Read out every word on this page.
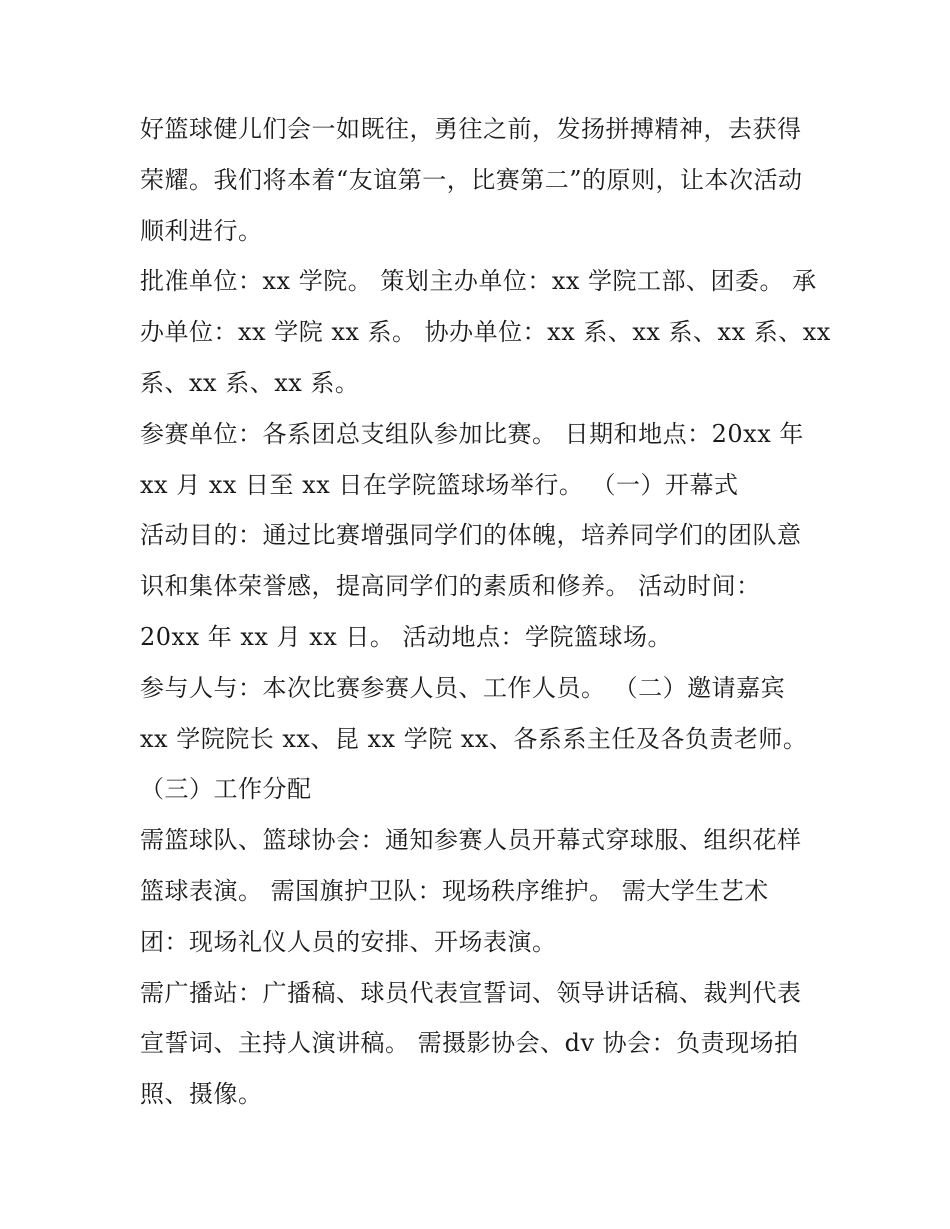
好篮球健儿们会一如既往，勇往之前，发扬拼搏精神，去获得
荣耀。我们将本着“友谊第一，比赛第二”的原则，让本次活动
顺利进行。
批准单位：xx 学院。 策划主办单位：xx 学院工部、团委。 承
办单位：xx 学院 xx 系。 协办单位：xx 系、xx 系、xx 系、xx
系、xx 系、xx 系。
参赛单位：各系团总支组队参加比赛。 日期和地点：20xx 年
xx 月 xx 日至 xx 日在学院篮球场举行。 （一）开幕式
活动目的：通过比赛增强同学们的体魄，培养同学们的团队意
识和集体荣誉感，提高同学们的素质和修养。 活动时间：
20xx 年 xx 月 xx 日。 活动地点：学院篮球场。
参与人与：本次比赛参赛人员、工作人员。 （二）邀请嘉宾
xx 学院院长 xx、昆 xx 学院 xx、各系系主任及各负责老师。
（三）工作分配
需篮球队、篮球协会：通知参赛人员开幕式穿球服、组织花样
篮球表演。 需国旗护卫队：现场秩序维护。 需大学生艺术
团：现场礼仪人员的安排、开场表演。
需广播站：广播稿、球员代表宣誓词、领导讲话稿、裁判代表
宣誓词、主持人演讲稿。 需摄影协会、dv 协会：负责现场拍
照、摄像。
